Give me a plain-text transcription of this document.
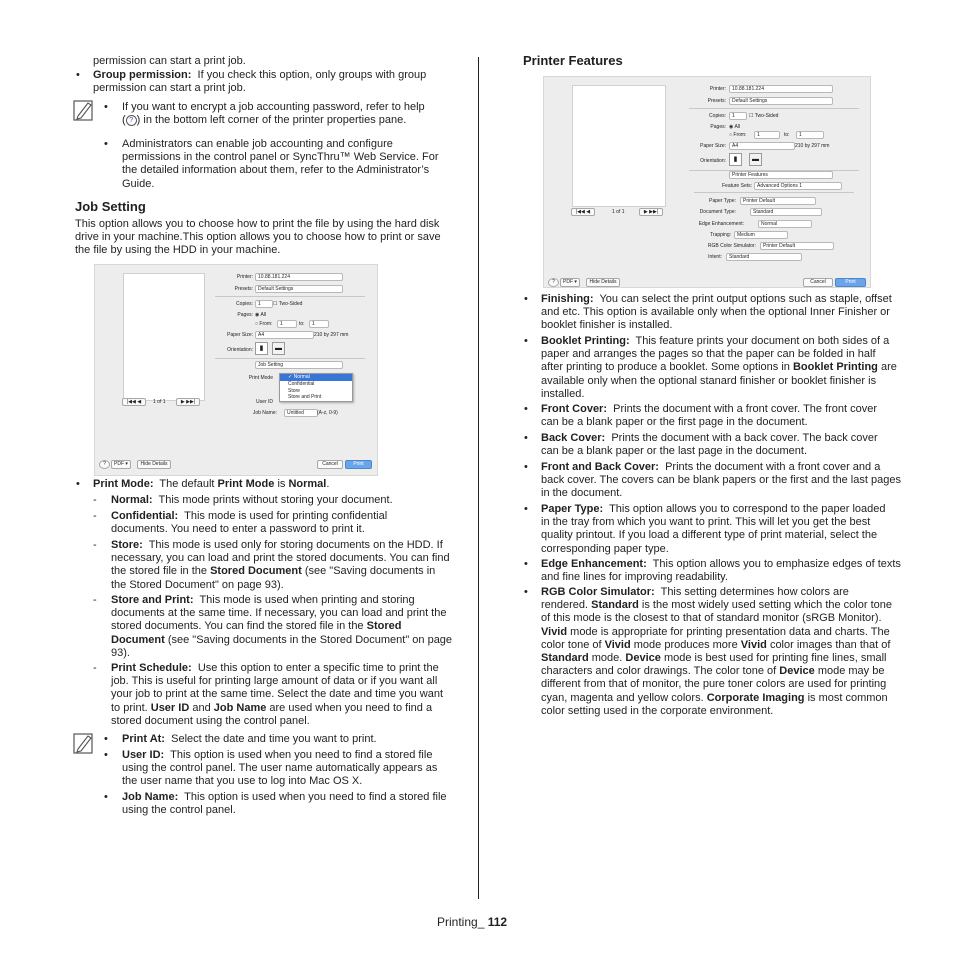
permission can start a print job.
• Group permission: If you check this option, only groups with group permission can start a print job.
• If you want to encrypt a job accounting password, refer to help
( ? ) in the bottom left corner of the printer properties pane.
• Administrators can enable job accounting and configure permissions in the control panel or SyncThru™ Web Service. For the detailed information about them, refer to the Administrator’s Guide.
Job Setting
This option allows you to choose how to print the file by using the hard disk drive in your machine.This option allows you to choose how to print or save the file by using the HDD in your machine.
|◀◀ ◀	1 of 1	▶ ▶▶|
Printer:	10.88.181.224
Presets:	Default Settings
Copies:	1	☐ Two-Sided
Pages: ◉ All
○ From:	1	to:	1
Paper Size:	A4	210 by 297 mm
Orientation: ▮	▬
Job Setting
Print Mode	✓ Normal
Confidential
Store
Store and Print
User ID
Job Name:	Untitled	(A-z, 0-9)
?	PDF ▾	Hide Details	Cancel	Print
• Print Mode: The default Print Mode is Normal.
- Normal: This mode prints without storing your document.
- Confidential: This mode is used for printing confidential documents. You need to enter a password to print it.
- Store: This mode is used only for storing documents on the HDD. If necessary, you can load and print the stored documents. You can find the stored file in the Stored Document (see "Saving documents in the Stored Document" on page 93).
- Store and Print: This mode is used when printing and storing documents at the same time. If necessary, you can load and print the stored documents. You can find the stored file in the Stored Document (see "Saving documents in the Stored Document" on page 93).
- Print Schedule: Use this option to enter a specific time to print the job. This is useful for printing large amount of data or if you want all your job to print at the same time. Select the date and time you want to print. User ID and Job Name are used when you need to find a stored document using the control panel.
• Print At: Select the date and time you want to print.
• User ID: This option is used when you need to find a stored file using the control panel. The user name automatically appears as the user name that you use to log into Mac OS X.
• Job Name: This option is used when you need to find a stored file using the control panel.
Printer Features
|◀◀ ◀	1 of 1	▶ ▶▶|
Printer:	10.88.181.224
Presets:	Default Settings
Copies:	1	☐ Two-Sided
Pages: ◉ All
○ From:	1	to:	1
Paper Size:	A4	210 by 297 mm
Orientation:	▮	▬
Printer Features
Feature Sets:	Advanced Options 1
Paper Type:	Printer Default
Document Type:	Standard
Edge Enhancement:	Normal
Trapping:	Medium
RGB Color Simulator:	Printer Default
Intent:	Standard
?	PDF ▾	Hide Details	Cancel	Print
• Finishing: You can select the print output options such as staple, offset and etc. This option is available only when the optional Inner Finisher or booklet finisher is installed.
• Booklet Printing: This feature prints your document on both sides of a paper and arranges the pages so that the paper can be folded in half after printing to produce a booklet. Some options in Booklet Printing are available only when the optional stanard finisher or booklet finisher is installed.
• Front Cover: Prints the document with a front cover. The front cover can be a blank paper or the first page in the document.
• Back Cover: Prints the document with a back cover. The back cover can be a blank paper or the last page in the document.
• Front and Back Cover: Prints the document with a front cover and a back cover. The covers can be blank papers or the first and the last pages in the document.
• Paper Type: This option allows you to correspond to the paper loaded in the tray from which you want to print. This will let you get the best quality printout. If you load a different type of print material, select the corresponding paper type.
• Edge Enhancement: This option allows you to emphasize edges of texts and fine lines for improving readability.
• RGB Color Simulator: This setting determines how colors are rendered. Standard is the most widely used setting which the color tone of this mode is the closest to that of standard monitor (sRGB Monitor). Vivid mode is appropriate for printing presentation data and charts. The color tone of Vivid mode produces more Vivid color images than that of Standard mode. Device mode is best used for printing fine lines, small characters and color drawings. The color tone of Device mode may be different from that of monitor, the pure toner colors are used for printing cyan, magenta and yellow colors. Corporate Imaging is most common color setting used in the corporate environment.
Printing_ 112
